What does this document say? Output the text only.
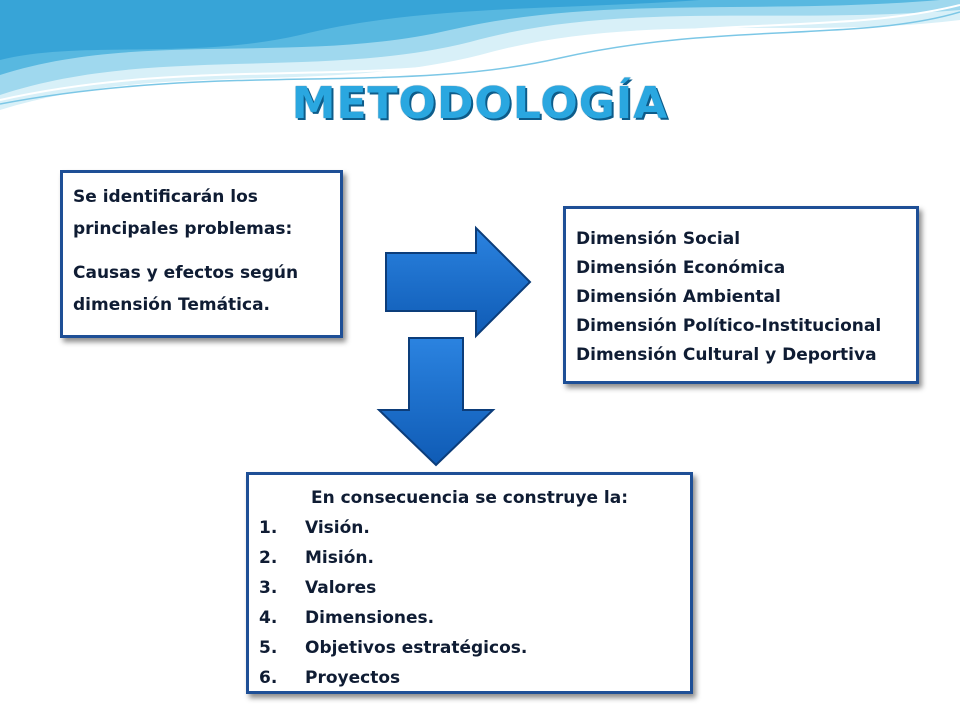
METODOLOGÍA

Se identificarán los

principales problemas:

Causas y efectos según

dimensión Temática.

Dimensión Social
Dimensión Económica
Dimensión Ambiental
Dimensión Político-Institucional
Dimensión Cultural y Deportiva
En consecuencia se construye la:
1.	Visión.
2.	Misión.
3.	Valores
4.	Dimensiones.
5.	Objetivos estratégicos.
6.	Proyectos
